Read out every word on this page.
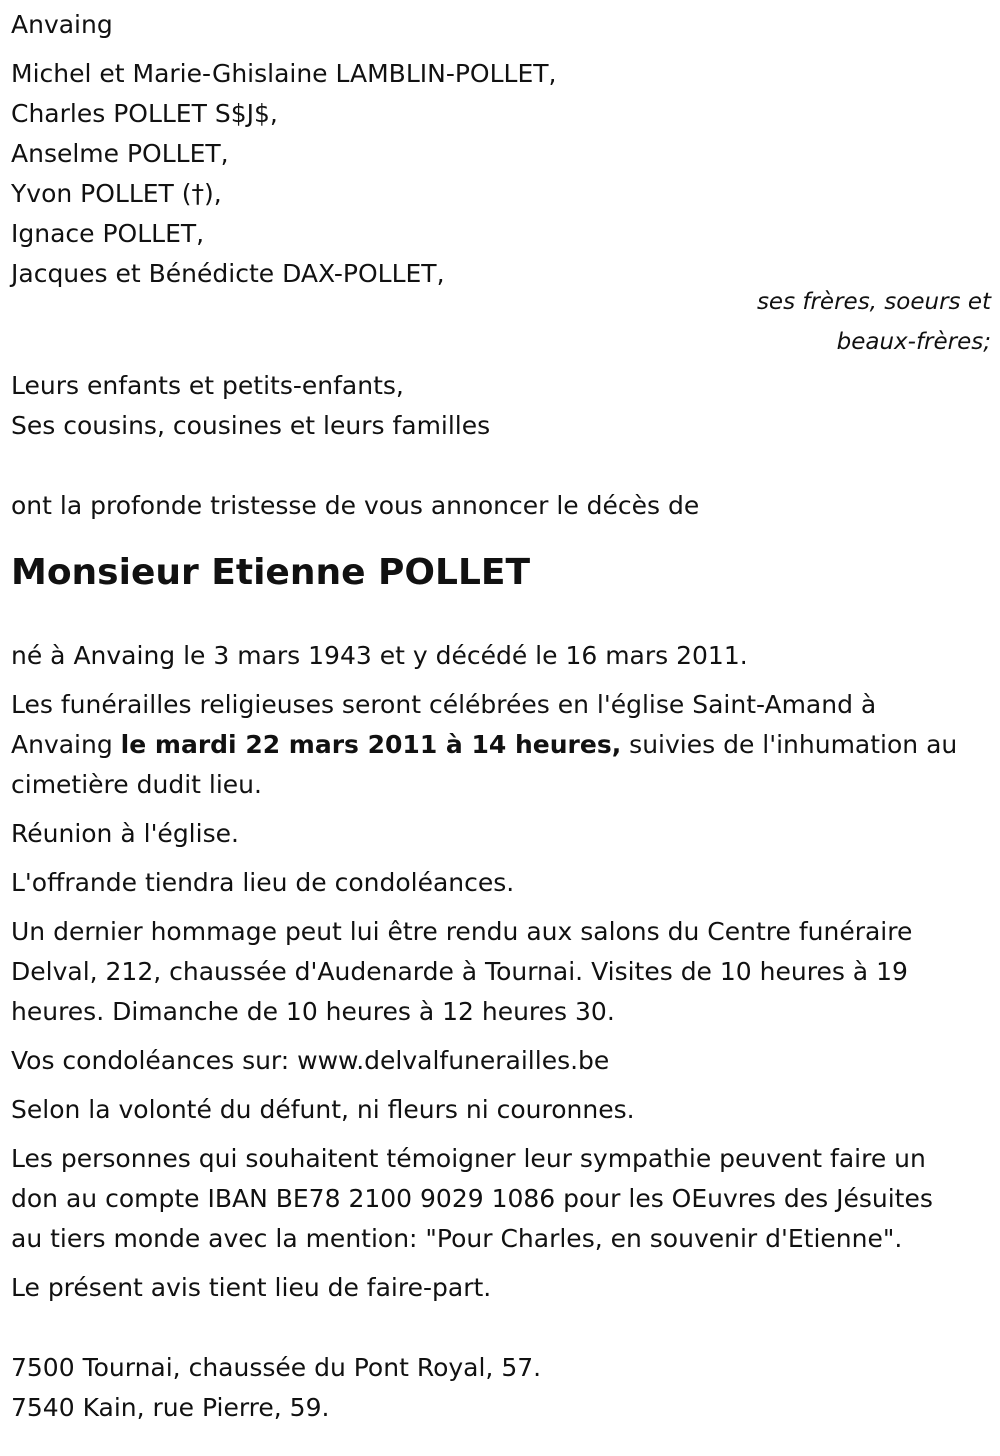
Anvaing
Michel et Marie-Ghislaine LAMBLIN-POLLET,
Charles POLLET S$J$,
Anselme POLLET,
Yvon POLLET (†),
Ignace POLLET,
Jacques et Bénédicte DAX-POLLET,
ses frères, soeurs et
beaux-frères;
Leurs enfants et petits-enfants,
Ses cousins, cousines et leurs familles
ont la profonde tristesse de vous annoncer le décès de
Monsieur Etienne POLLET
né à Anvaing le 3 mars 1943 et y décédé le 16 mars 2011.
Les funérailles religieuses seront célébrées en l'église Saint-Amand à
Anvaing le mardi 22 mars 2011 à 14 heures, suivies de l'inhumation au
cimetière dudit lieu.
Réunion à l'église.
L'offrande tiendra lieu de condoléances.
Un dernier hommage peut lui être rendu aux salons du Centre funéraire
Delval, 212, chaussée d'Audenarde à Tournai. Visites de 10 heures à 19
heures. Dimanche de 10 heures à 12 heures 30.
Vos condoléances sur: www.delvalfunerailles.be
Selon la volonté du défunt, ni fleurs ni couronnes.
Les personnes qui souhaitent témoigner leur sympathie peuvent faire un
don au compte IBAN BE78 2100 9029 1086 pour les OEuvres des Jésuites
au tiers monde avec la mention: "Pour Charles, en souvenir d'Etienne".
Le présent avis tient lieu de faire-part.
7500 Tournai, chaussée du Pont Royal, 57.
7540 Kain, rue Pierre, 59.
